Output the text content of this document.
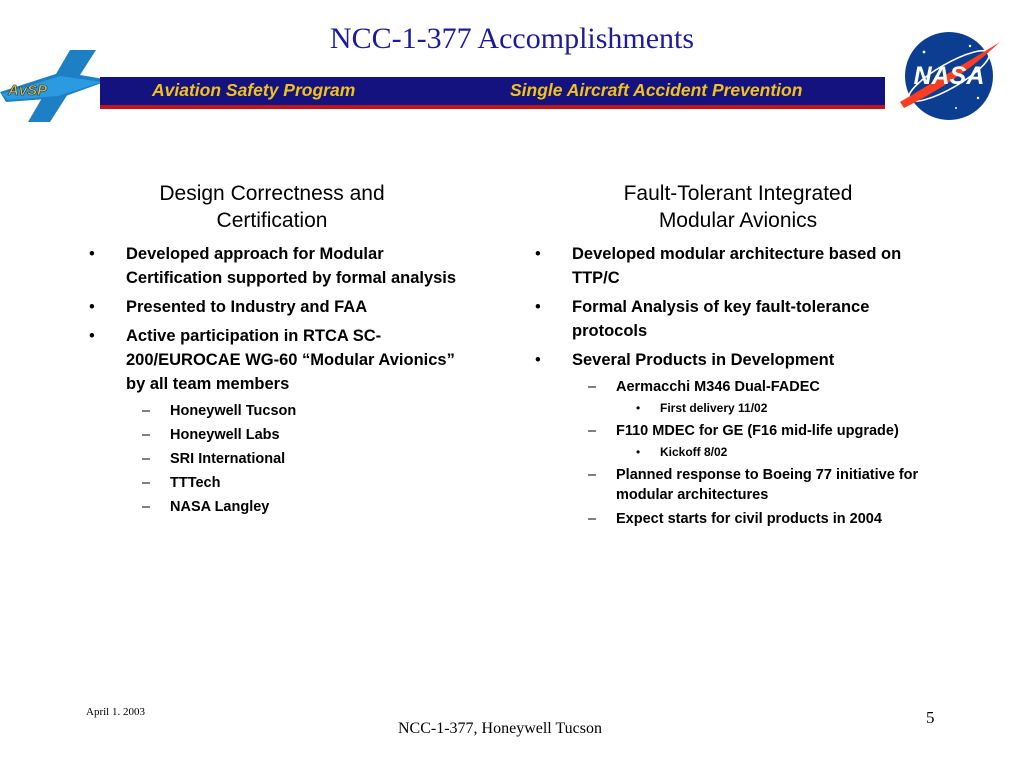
NCC-1-377 Accomplishments
AvSP	Aviation Safety Program	Single Aircraft Accident Prevention	NASA
Design Correctness and
Certification
• Developed approach for Modular Certification supported by formal analysis
• Presented to Industry and FAA
• Active participation in RTCA SC-200/EUROCAE WG-60 “Modular Avionics” by all team members
– Honeywell Tucson
– Honeywell Labs
– SRI International
– TTTech
– NASA Langley
Fault-Tolerant Integrated
Modular Avionics
• Developed modular architecture based on TTP/C
• Formal Analysis of key fault-tolerance protocols
• Several Products in Development
– Aermacchi M346 Dual-FADEC
• First delivery 11/02
– F110 MDEC for GE (F16 mid-life upgrade)
• Kickoff 8/02
– Planned response to Boeing 77 initiative for modular architectures
– Expect starts for civil products in 2004
April 1. 2003
NCC-1-377, Honeywell Tucson
5
